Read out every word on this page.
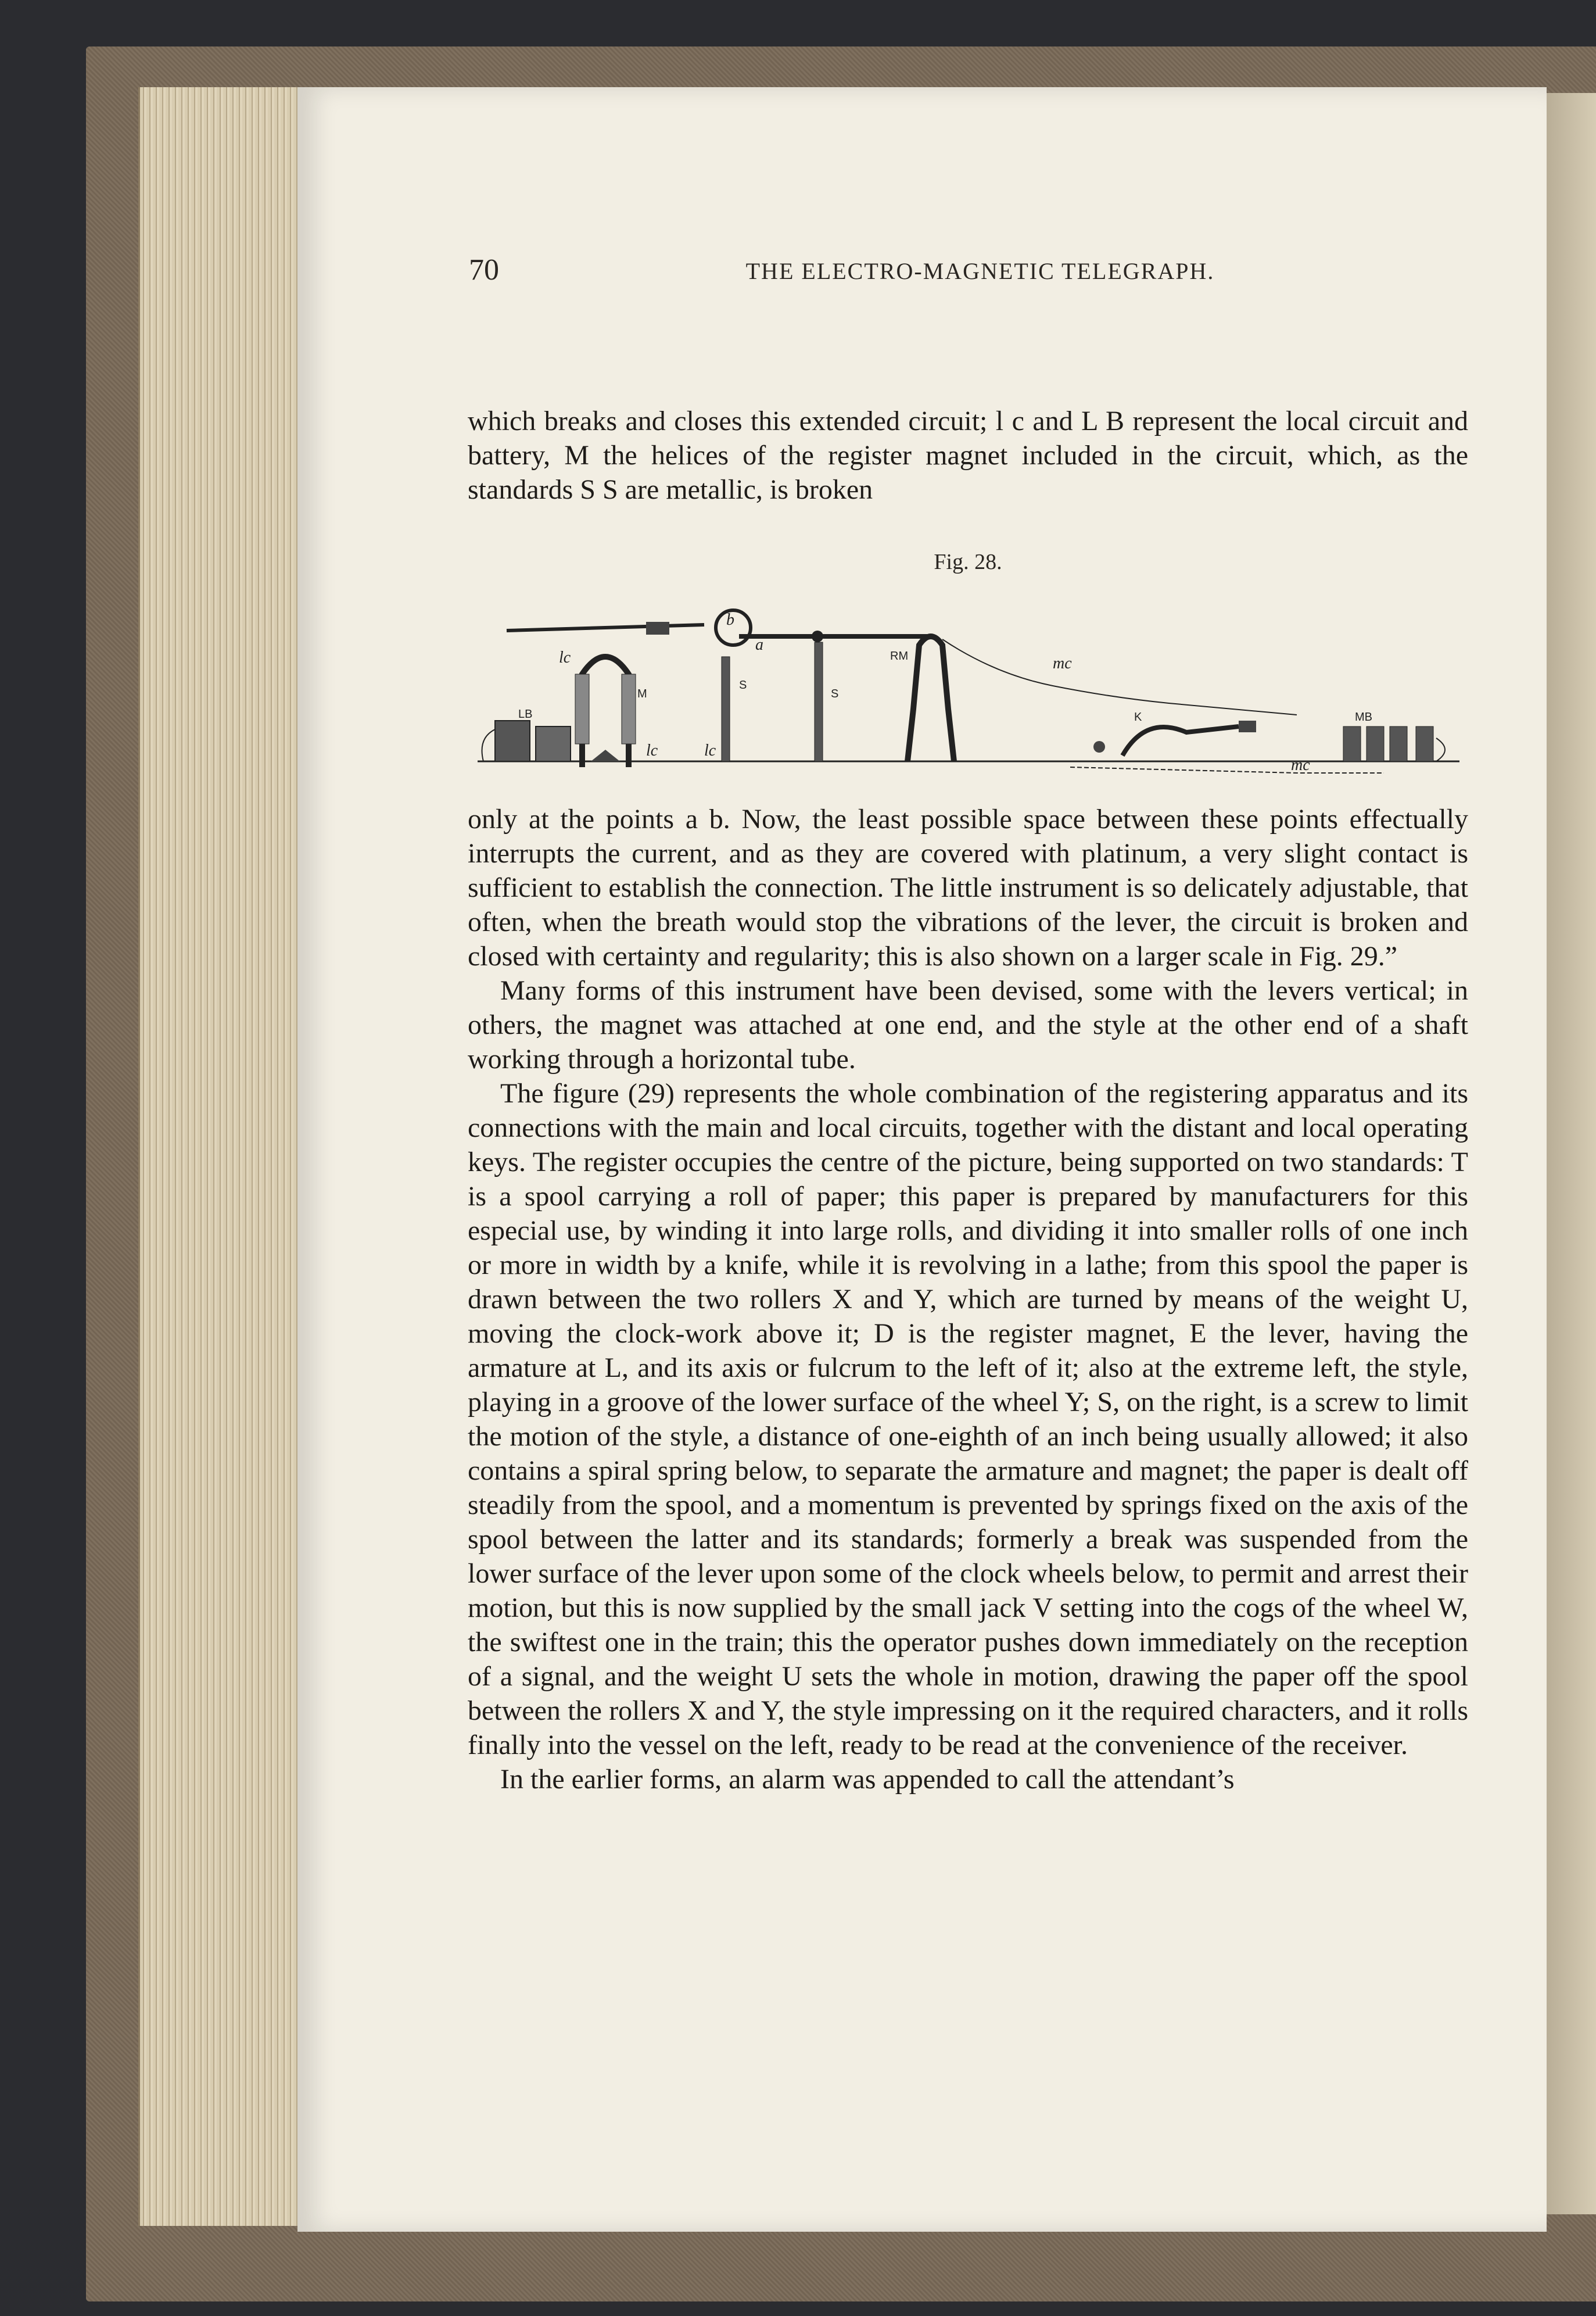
70	THE ELECTRO-MAGNETIC TELEGRAPH.

which breaks and closes this extended circuit; l c and L B represent the local circuit and battery, M the helices of the register magnet included in the circuit, which, as the standards S S are metallic, is broken

Fig. 28.
LB
lc
lc	lc
M
b
a
S
S
RM	mc
K	MB
mc

only at the points a b. Now, the least possible space between these points effectually interrupts the current, and as they are covered with platinum, a very slight contact is sufficient to establish the connection. The little instrument is so delicately adjustable, that often, when the breath would stop the vibrations of the lever, the circuit is broken and closed with certainty and regularity; this is also shown on a larger scale in Fig. 29.”

Many forms of this instrument have been devised, some with the levers vertical; in others, the magnet was attached at one end, and the style at the other end of a shaft working through a horizontal tube.

The figure (29) represents the whole combination of the registering apparatus and its connections with the main and local circuits, together with the distant and local operating keys. The register occupies the centre of the picture, being supported on two standards: T is a spool carrying a roll of paper; this paper is prepared by manufacturers for this especial use, by winding it into large rolls, and dividing it into smaller rolls of one inch or more in width by a knife, while it is revolving in a lathe; from this spool the paper is drawn between the two rollers X and Y, which are turned by means of the weight U, moving the clock-work above it; D is the register magnet, E the lever, having the armature at L, and its axis or fulcrum to the left of it; also at the extreme left, the style, playing in a groove of the lower surface of the wheel Y; S, on the right, is a screw to limit the motion of the style, a distance of one-eighth of an inch being usually allowed; it also contains a spiral spring below, to separate the armature and magnet; the paper is dealt off steadily from the spool, and a momentum is prevented by springs fixed on the axis of the spool between the latter and its standards; formerly a break was suspended from the lower surface of the lever upon some of the clock wheels below, to permit and arrest their motion, but this is now supplied by the small jack V setting into the cogs of the wheel W, the swiftest one in the train; this the operator pushes down immediately on the reception of a signal, and the weight U sets the whole in motion, drawing the paper off the spool between the rollers X and Y, the style impressing on it the required characters, and it rolls finally into the vessel on the left, ready to be read at the convenience of the receiver.

In the earlier forms, an alarm was appended to call the attendant’s
